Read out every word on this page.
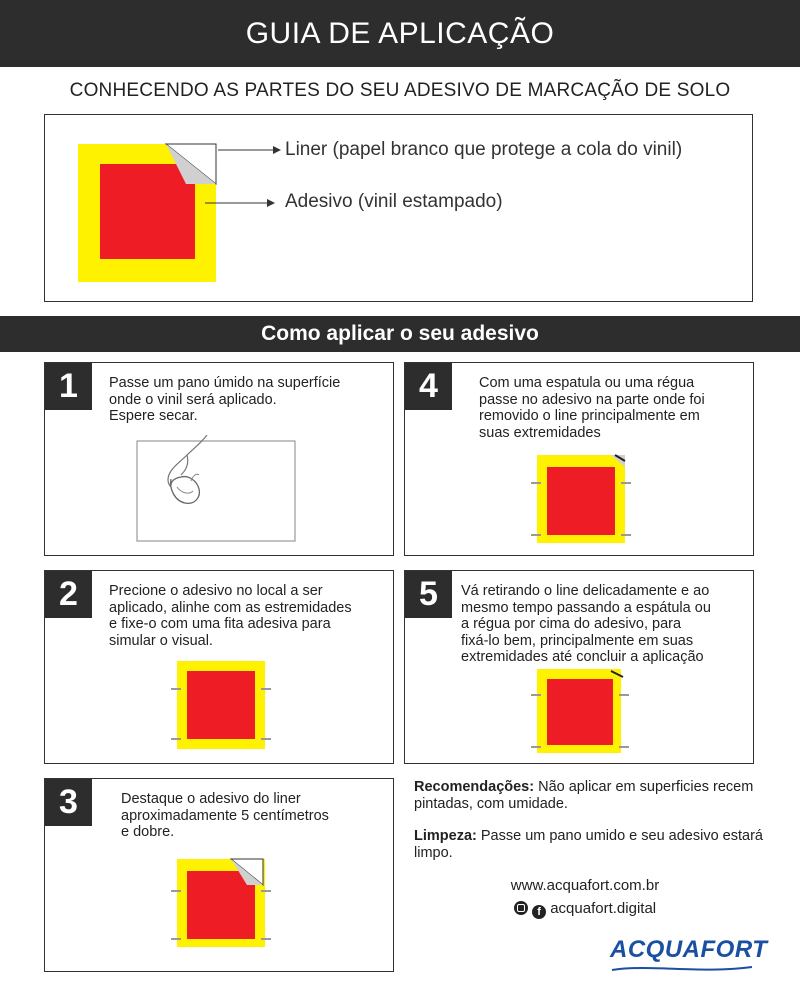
GUIA DE APLICAÇÃO
CONHECENDO AS PARTES DO SEU ADESIVO DE MARCAÇÃO DE SOLO
Liner (papel branco que protege a cola do vinil)
Adesivo (vinil estampado)
Como aplicar o seu adesivo
1	Passe um pano úmido na superfície
onde o vinil será aplicado.
Espere secar.
4	Com uma espatula ou uma régua
passe no adesivo na parte onde foi
removido o line principalmente em
suas extremidades
2	Precione o adesivo no local a ser
aplicado, alinhe com as estremidades
e fixe-o com uma fita adesiva para
simular o visual.
5	Vá retirando o line delicadamente e ao
mesmo tempo passando a espátula ou
a régua por cima do adesivo, para
fixá-lo bem, principalmente em suas
extremidades até concluir a aplicação
3	Destaque o adesivo do liner
aproximadamente 5 centímetros
e dobre.
Recomendações: Não aplicar em superficies recem pintadas, com umidade.
Limpeza: Passe um pano umido e seu adesivo estará limpo.
www.acquafort.com.br
f acquafort.digital
ACQUAFORT
